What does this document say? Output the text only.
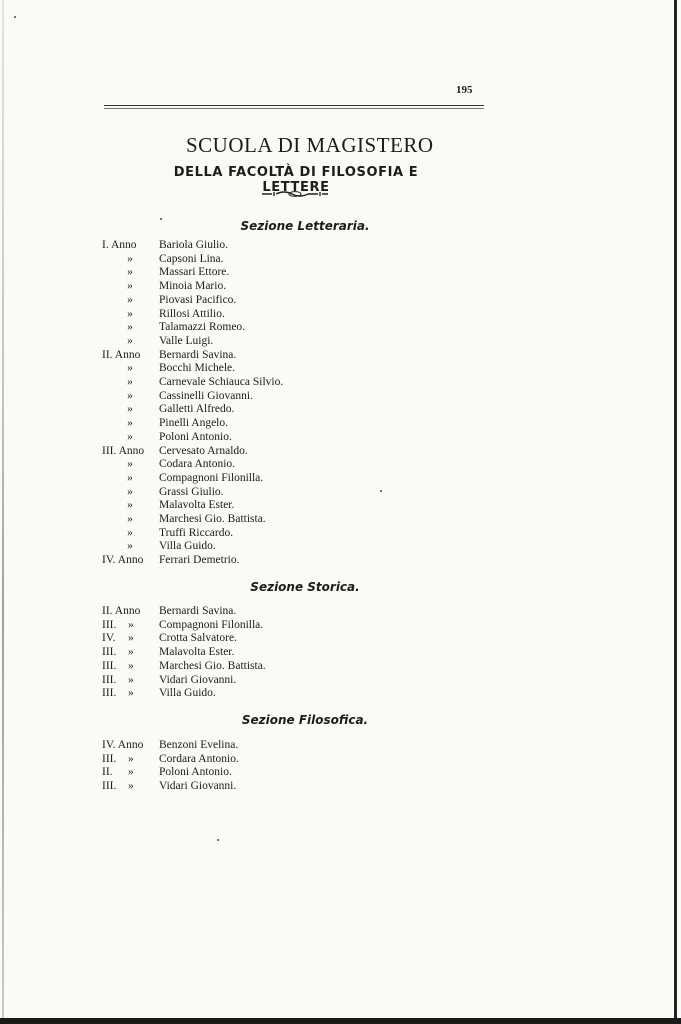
195
SCUOLA DI MAGISTERO
DELLA FACOLTÀ DI FILOSOFIA E LETTERE
Sezione Letteraria.
I. Anno	Bariola Giulio.
»	Capsoni Lina.
»	Massari Ettore.
»	Minoia Mario.
»	Piovasi Pacifico.
»	Rillosi Attilio.
»	Talamazzi Romeo.
»	Valle Luigi.
II. Anno	Bernardi Savina.
»	Bocchi Michele.
»	Carnevale Schiauca Silvio.
»	Cassinelli Giovanni.
»	Galletti Alfredo.
»	Pinelli Angelo.
»	Poloni Antonio.
III. Anno	Cervesato Arnaldo.
»	Codara Antonio.
»	Compagnoni Filonilla.
»	Grassi Giulio.
»	Malavolta Ester.
»	Marchesi Gio. Battista.
»	Truffi Riccardo.
»	Villa Guido.
IV. Anno	Ferrari Demetrio.
Sezione Storica.
II. Anno	Bernardi Savina.
III.	» Compagnoni Filonilla.
IV.	» Crotta Salvatore.
III.	» Malavolta Ester.
III.	» Marchesi Gio. Battista.
III.	» Vidari Giovanni.
III.	» Villa Guido.
Sezione Filosofica.
IV. Anno	Benzoni Evelina.
III.	» Cordara Antonio.
II.	» Poloni Antonio.
III.	» Vidari Giovanni.
